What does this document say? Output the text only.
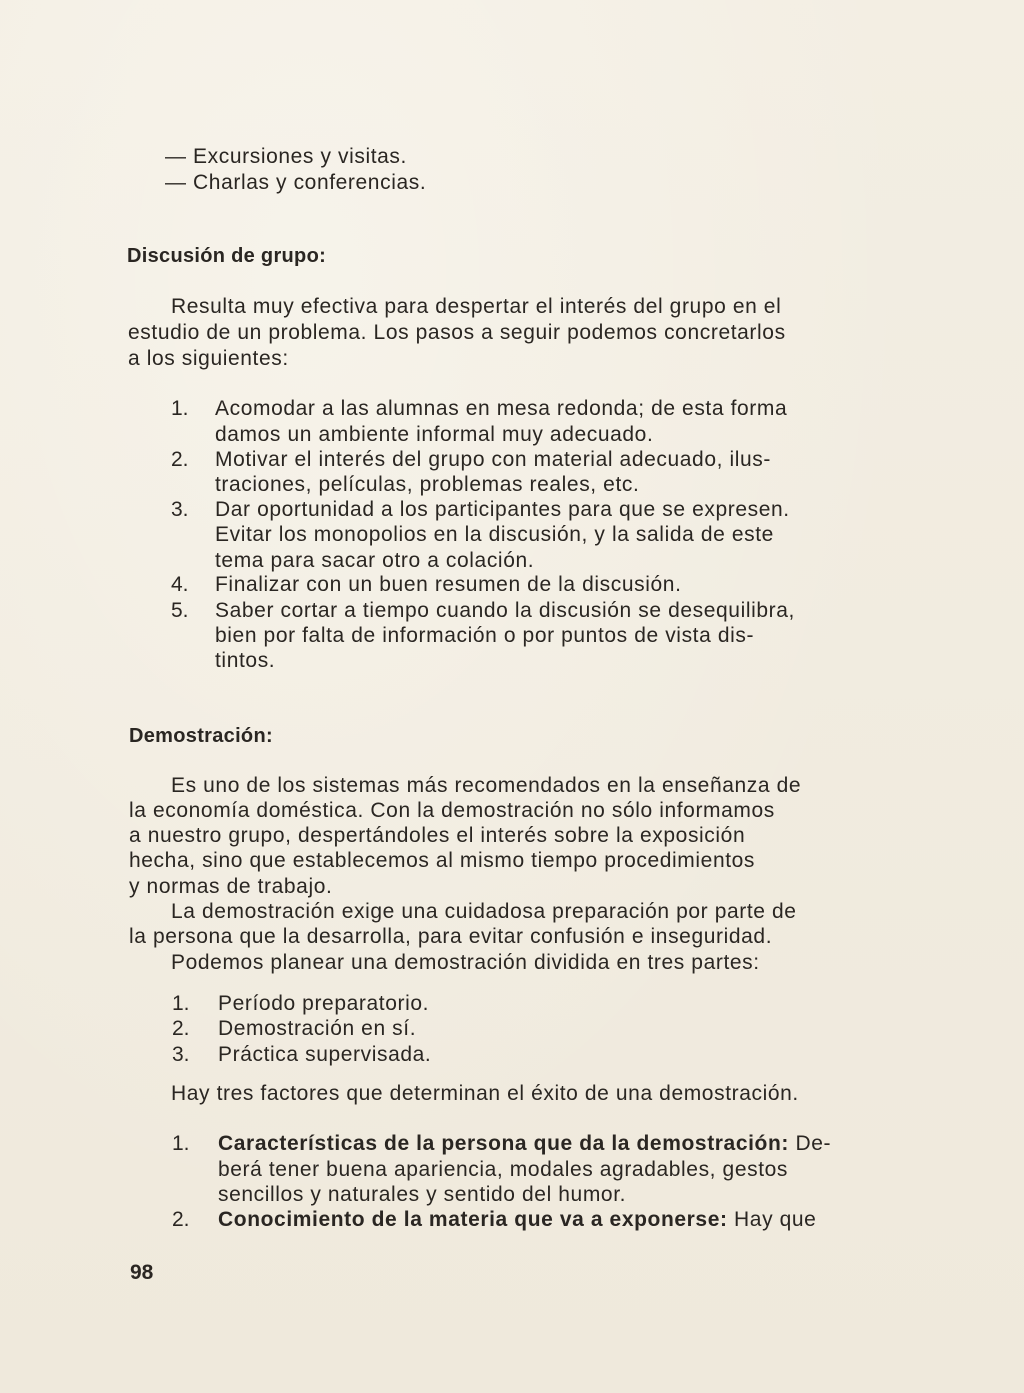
— Excursiones y visitas.
— Charlas y conferencias.
Discusión de grupo:
Resulta muy efectiva para despertar el interés del grupo en el
estudio de un problema. Los pasos a seguir podemos concretarlos
a los siguientes:
1. Acomodar a las alumnas en mesa redonda; de esta forma
damos un ambiente informal muy adecuado.
2. Motivar el interés del grupo con material adecuado, ilus-
traciones, películas, problemas reales, etc.
3. Dar oportunidad a los participantes para que se expresen.
Evitar los monopolios en la discusión, y la salida de este
tema para sacar otro a colación.
4. Finalizar con un buen resumen de la discusión.
5. Saber cortar a tiempo cuando la discusión se desequilibra,
bien por falta de información o por puntos de vista dis-
tintos.
Demostración:
Es uno de los sistemas más recomendados en la enseñanza de
la economía doméstica. Con la demostración no sólo informamos
a nuestro grupo, despertándoles el interés sobre la exposición
hecha, sino que establecemos al mismo tiempo procedimientos
y normas de trabajo.
La demostración exige una cuidadosa preparación por parte de
la persona que la desarrolla, para evitar confusión e inseguridad.
Podemos planear una demostración dividida en tres partes:
1. Período preparatorio.
2. Demostración en sí.
3. Práctica supervisada.
Hay tres factores que determinan el éxito de una demostración.
1. Características de la persona que da la demostración: De-
berá tener buena apariencia, modales agradables, gestos
sencillos y naturales y sentido del humor.
2. Conocimiento de la materia que va a exponerse: Hay que
98
